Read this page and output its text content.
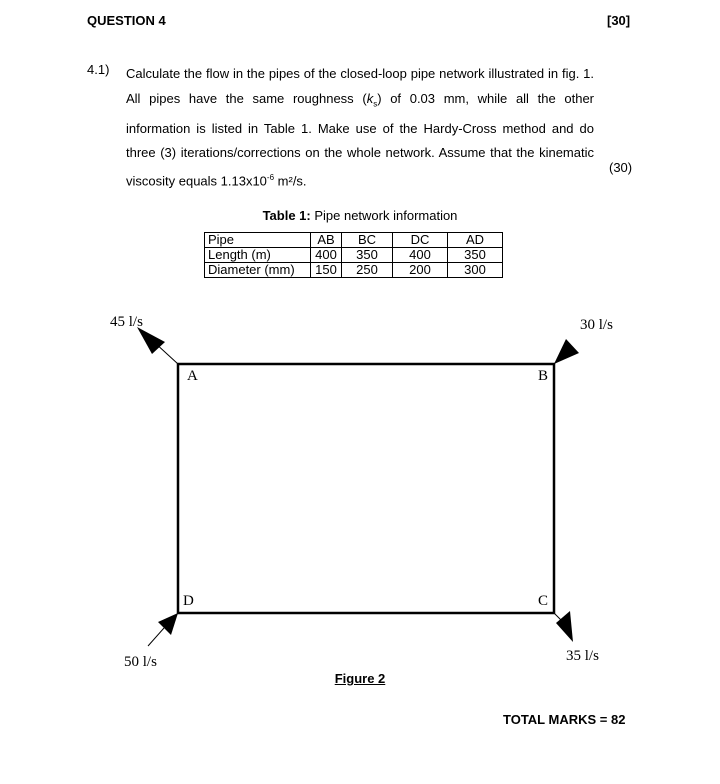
QUESTION 4	[30]
4.1) Calculate the flow in the pipes of the closed-loop pipe network illustrated in fig. 1. All pipes have the same roughness $(k_s)$ of 0.03 mm, while all the other information is listed in Table 1. Make use of the Hardy-Cross method and do three (3) iterations/corrections on the whole network. Assume that the kinematic viscosity equals $1.13x10^{-6}$ m²/s.
(30)
Table 1: Pipe network information
Pipe	AB	BC	DC	AD
Length (m)	400	350	400	350
Diameter (mm)	150	250	200	300
45 l/s	30 l/s
35 l/s
50 l/s
A	B
C
D
Figure 2
TOTAL MARKS = 82
